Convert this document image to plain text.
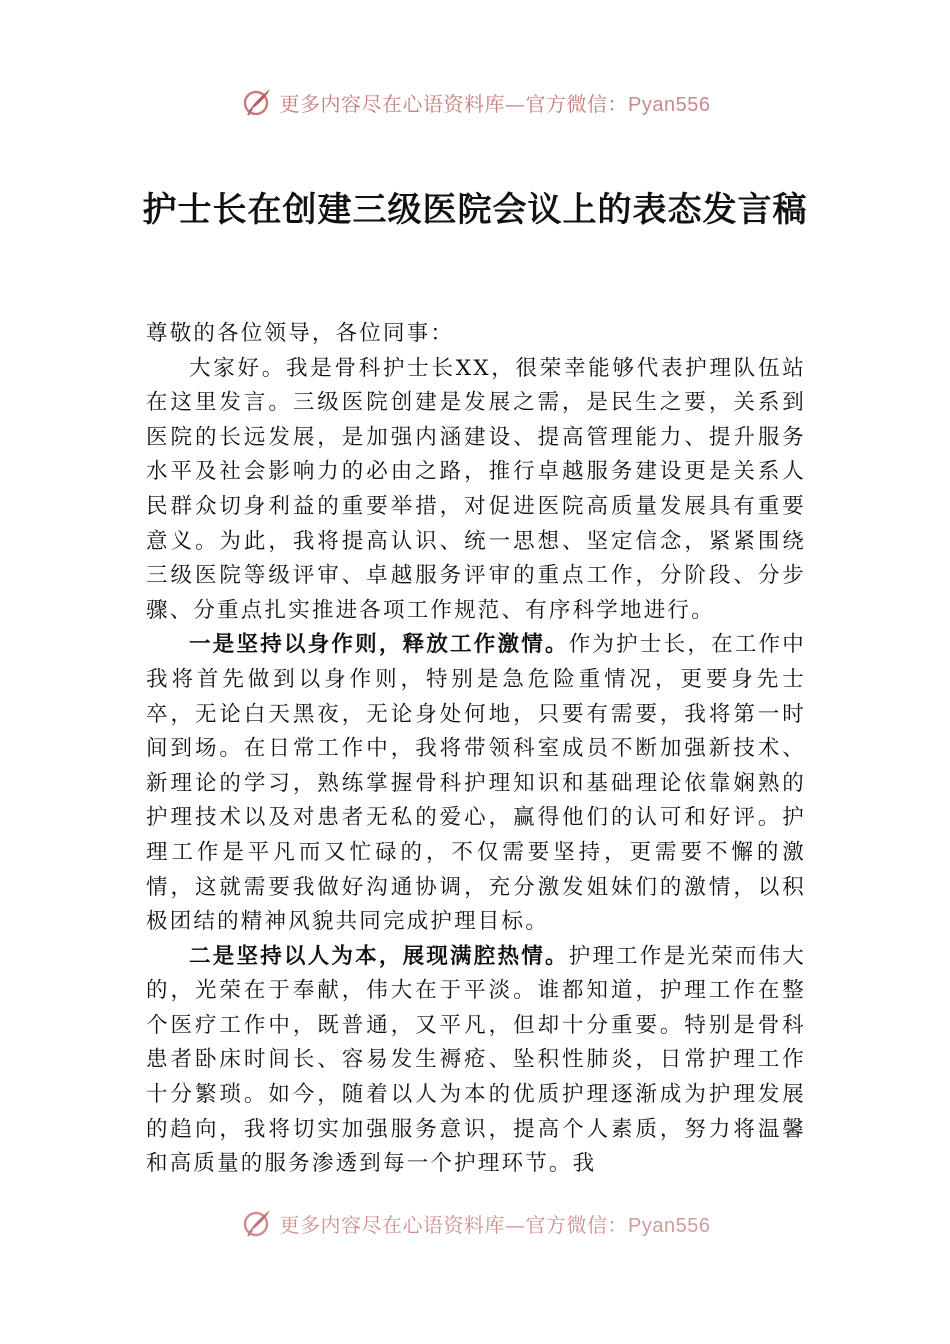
更多内容尽在心语资料库—官方微信：Pyan556
护士长在创建三级医院会议上的表态发言稿

尊敬的各位领导，各位同事：

大家好。我是骨科护士长XX，很荣幸能够代表护理队伍站在这里发言。三级医院创建是发展之需，是民生之要，关系到医院的长远发展，是加强内涵建设、提高管理能力、提升服务水平及社会影响力的必由之路，推行卓越服务建设更是关系人民群众切身利益的重要举措，对促进医院高质量发展具有重要意义。为此，我将提高认识、统一思想、坚定信念，紧紧围绕三级医院等级评审、卓越服务评审的重点工作，分阶段、分步骤、分重点扎实推进各项工作规范、有序科学地进行。

一是坚持以身作则，释放工作激情。作为护士长，在工作中我将首先做到以身作则，特别是急危险重情况，更要身先士卒，无论白天黑夜，无论身处何地，只要有需要，我将第一时间到场。在日常工作中，我将带领科室成员不断加强新技术、新理论的学习，熟练掌握骨科护理知识和基础理论依靠娴熟的护理技术以及对患者无私的爱心，赢得他们的认可和好评。护理工作是平凡而又忙碌的，不仅需要坚持，更需要不懈的激情，这就需要我做好沟通协调，充分激发姐妹们的激情，以积极团结的精神风貌共同完成护理目标。

二是坚持以人为本，展现满腔热情。护理工作是光荣而伟大的，光荣在于奉献，伟大在于平淡。谁都知道，护理工作在整个医疗工作中，既普通，又平凡，但却十分重要。特别是骨科患者卧床时间长、容易发生褥疮、坠积性肺炎，日常护理工作十分繁琐。如今，随着以人为本的优质护理逐渐成为护理发展的趋向，我将切实加强服务意识，提高个人素质，努力将温馨和高质量的服务渗透到每一个护理环节。我

更多内容尽在心语资料库—官方微信：Pyan556
